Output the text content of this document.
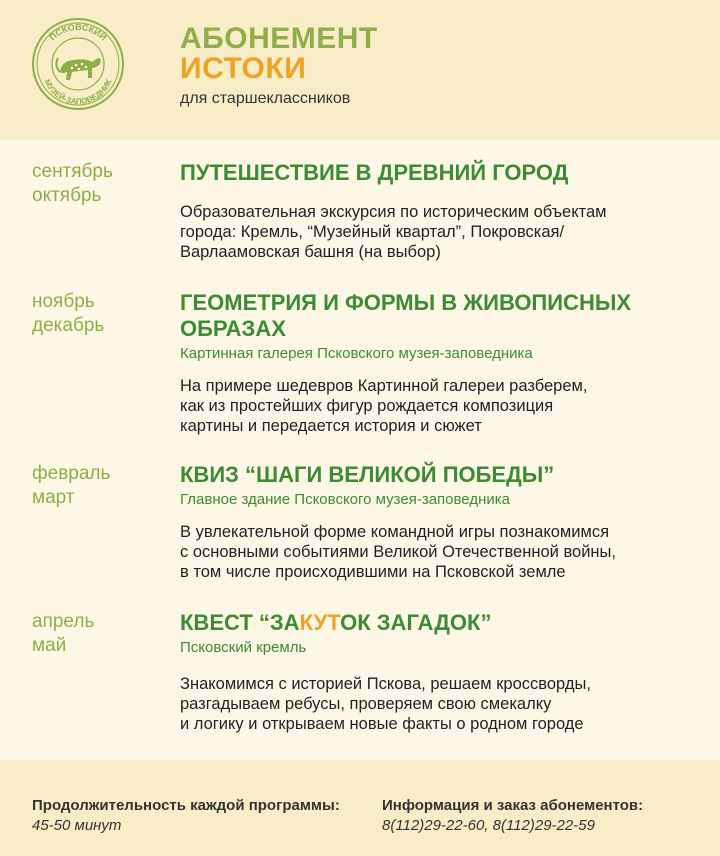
ПСКОВСКИЙ
МУЗЕЙ-ЗАПОВЕДНИК
АБОНЕМЕНТ
ИСТОКИ
для старшеклассников
сентябрь
октябрь
ПУТЕШЕСТВИЕ В ДРЕВНИЙ ГОРОД
Образовательная экскурсия по историческим объектам
города: Кремль, “Музейный квартал”, Покровская/
Варлаамовская башня (на выбор)
ноябрь
декабрь
ГЕОМЕТРИЯ И ФОРМЫ В ЖИВОПИСНЫХ
ОБРАЗАХ
Картинная галерея Псковского музея-заповедника
На примере шедевров Картинной галереи разберем,
как из простейших фигур рождается композиция
картины и передается история и сюжет
февраль
март
КВИЗ “ШАГИ ВЕЛИКОЙ ПОБЕДЫ”
Главное здание Псковского музея-заповедника
В увлекательной форме командной игры познакомимся
с основными событиями Великой Отечественной войны,
в том числе происходившими на Псковской земле
апрель
май
КВЕСТ “ЗАКУТОК ЗАГАДОК”
Псковский кремль
Знакомимся с историей Пскова, решаем кроссворды,
разгадываем ребусы, проверяем свою смекалку
и логику и открываем новые факты о родном городе
Продолжительность каждой программы:
45-50 минут
Информация и заказ абонементов:
8(112)29-22-60, 8(112)29-22-59
